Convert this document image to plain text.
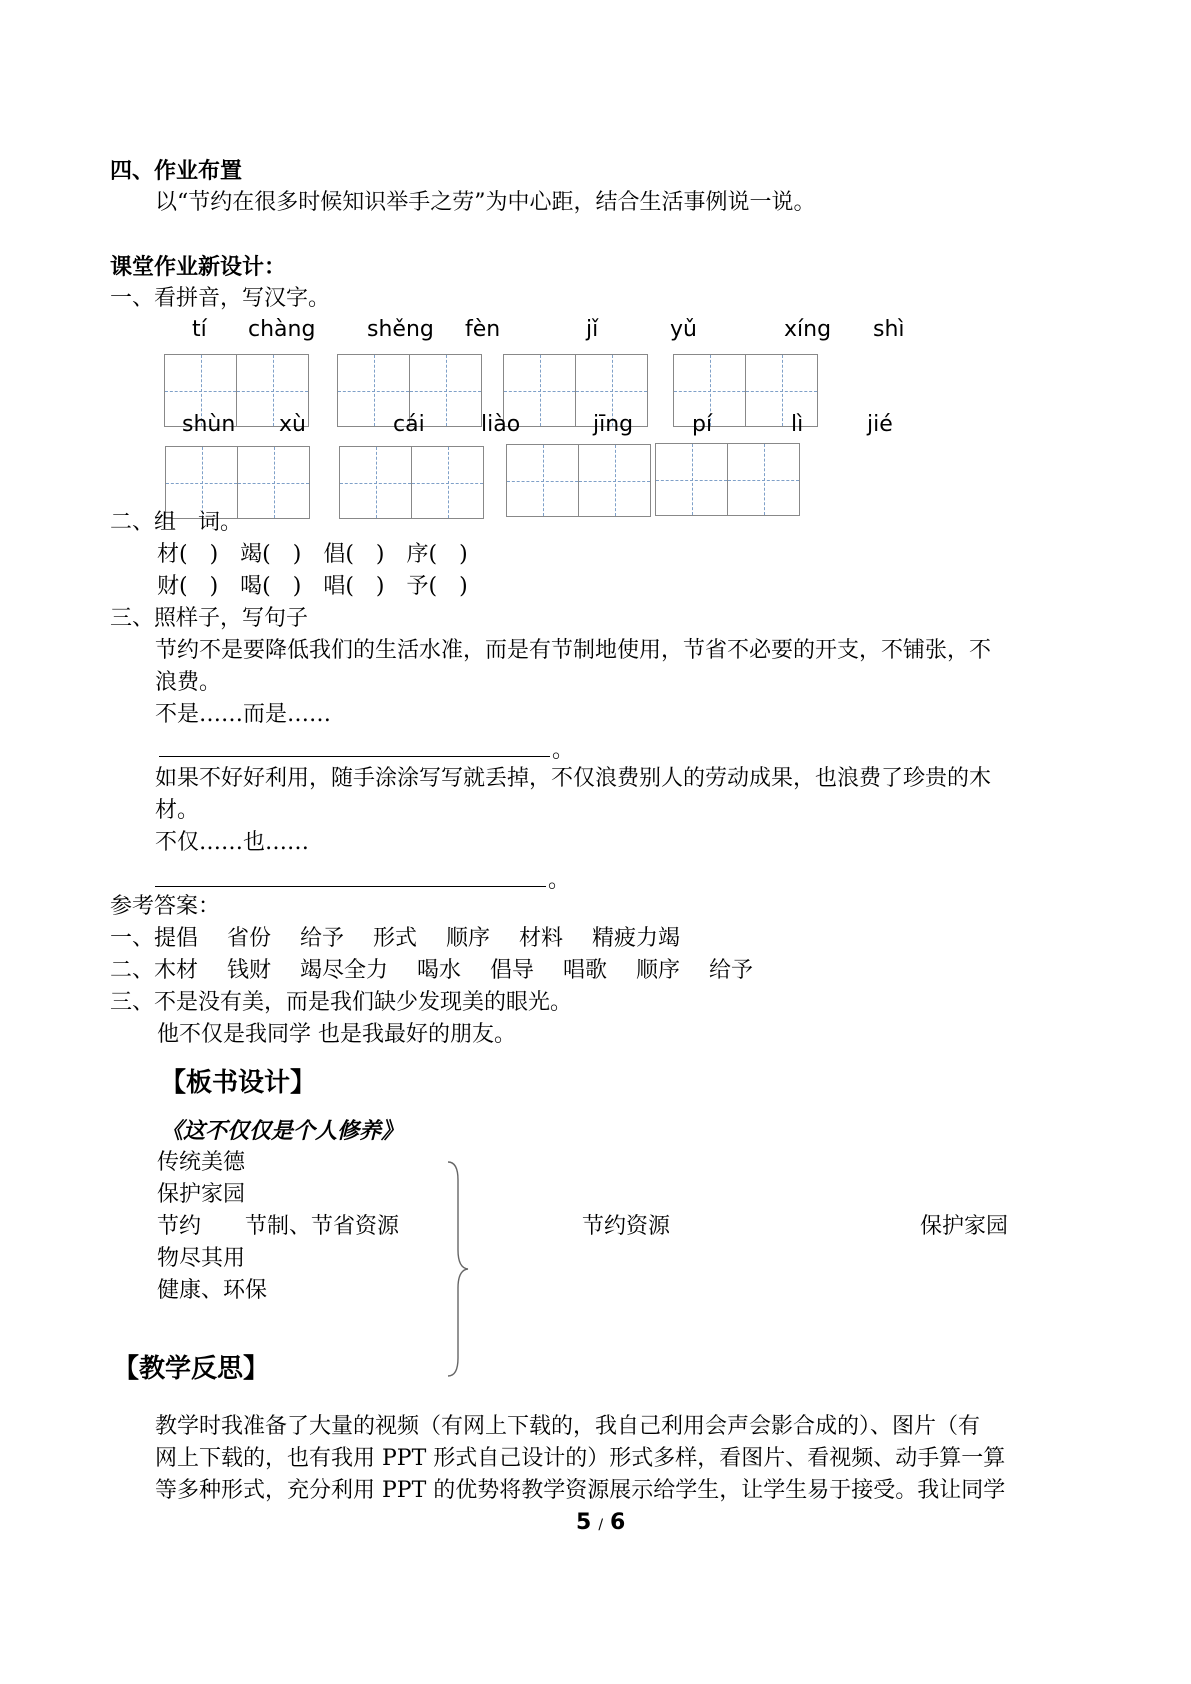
四、作业布置
以“节约在很多时候知识举手之劳”为中心距，结合生活事例说一说。
课堂作业新设计：
一、看拼音，写汉字。
tí chàng shěng fèn	jǐ	yǔ	xíng shì
shùn xù	cái	liào	jīng	pí	lì	jié
二、组　词。
材(　)　竭(　)　倡(　)　序(　)
财(　)　喝(　)　唱(　)　予(　)
三、照样子，写句子
节约不是要降低我们的生活水准，而是有节制地使用，节省不必要的开支，不铺张，不
浪费。
不是……而是……
。
如果不好好利用，随手涂涂写写就丢掉，不仅浪费别人的劳动成果，也浪费了珍贵的木
材。
不仅……也……
。
参考答案：
一、提倡　 省份　 给予　 形式　 顺序　 材料　 精疲力竭
二、木材　 钱财　 竭尽全力　 喝水　 倡导　 唱歌　 顺序　 给予
三、不是没有美，而是我们缺少发现美的眼光。
他不仅是我同学 也是我最好的朋友。
【板书设计】
《这不仅仅是个人修养》
传统美德
保护家园
节约　　节制、节省资源
物尽其用
健康、环保
节约资源	保护家园
【教学反思】
教学时我准备了大量的视频（有网上下载的，我自己利用会声会影合成的）、图片（有
网上下载的，也有我用 PPT 形式自己设计的）形式多样，看图片、看视频、动手算一算
等多种形式，充分利用 PPT 的优势将教学资源展示给学生，让学生易于接受。我让同学
5 / 6
